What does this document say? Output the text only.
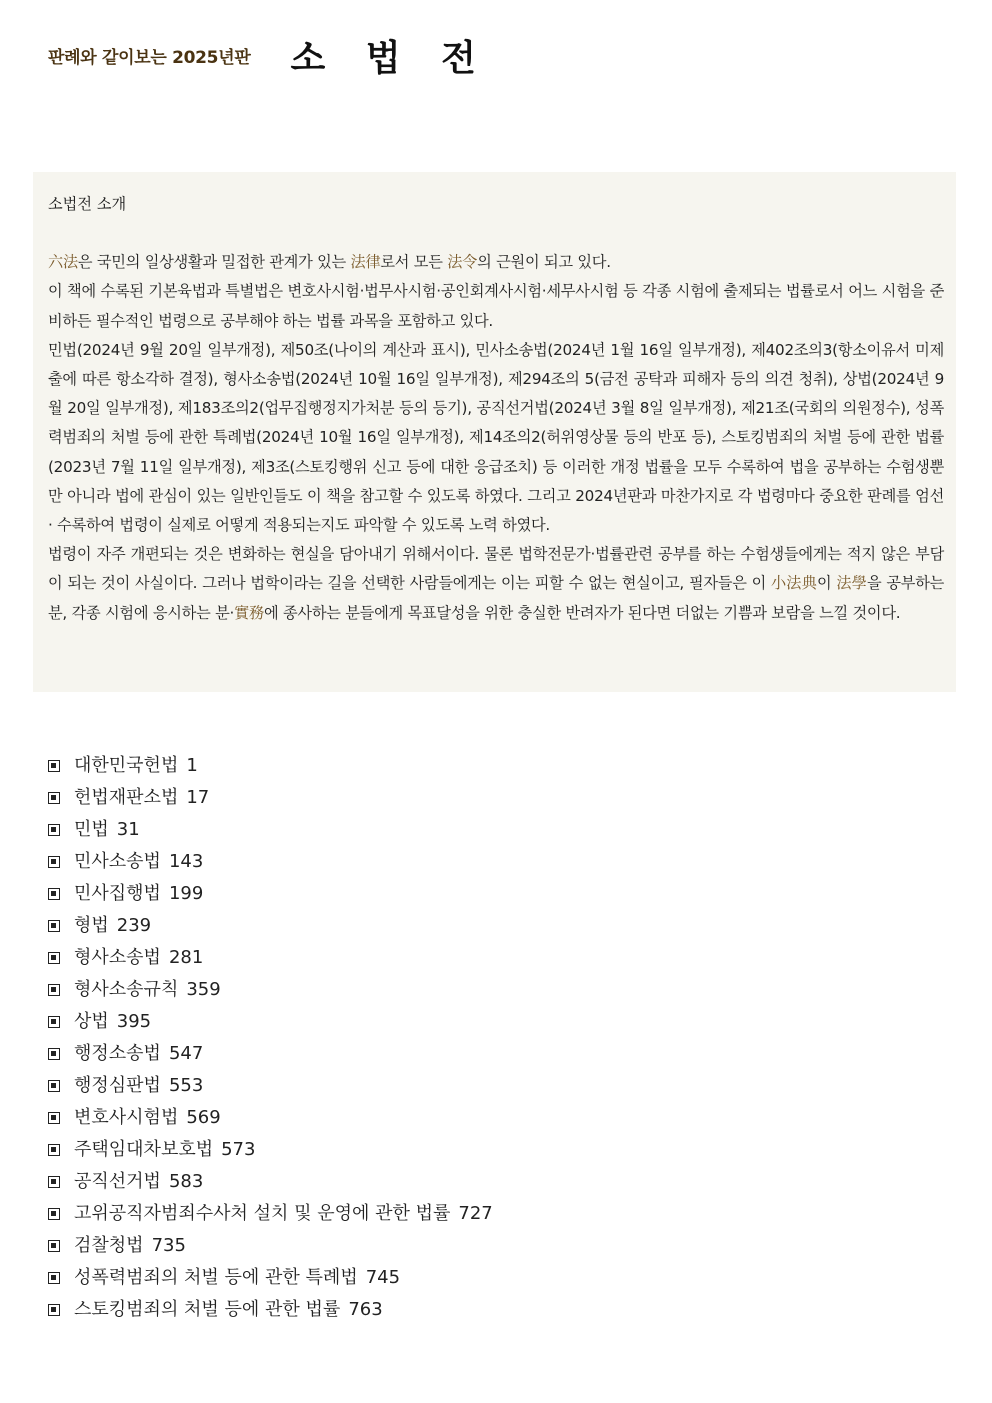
판례와 같이보는 2025년판 소 법 전

소법전 소개

六法은 국민의 일상생활과 밀접한 관계가 있는 法律로서 모든 法令의 근원이 되고 있다.

이 책에 수록된 기본육법과 특별법은 변호사시험·법무사시험·공인회계사시험·세무사시험 등 각종 시험에 출제되는 법률로서 어느 시험을 준비하든 필수적인 법령으로 공부해야 하는 법률 과목을 포함하고 있다.

민법(2024년 9월 20일 일부개정), 제50조(나이의 계산과 표시), 민사소송법(2024년 1월 16일 일부개정), 제402조의3(항소이유서 미제출에 따른 항소각하 결정), 형사소송법(2024년 10월 16일 일부개정), 제294조의 5(금전 공탁과 피해자 등의 의견 청취), 상법(2024년 9월 20일 일부개정), 제183조의2(업무집행정지가처분 등의 등기), 공직선거법(2024년 3월 8일 일부개정), 제21조(국회의 의원정수), 성폭력범죄의 처벌 등에 관한 특례법(2024년 10월 16일 일부개정), 제14조의2(허위영상물 등의 반포 등), 스토킹범죄의 처벌 등에 관한 법률(2023년 7월 11일 일부개정), 제3조(스토킹행위 신고 등에 대한 응급조치) 등 이러한 개정 법률을 모두 수록하여 법을 공부하는 수험생뿐만 아니라 법에 관심이 있는 일반인들도 이 책을 참고할 수 있도록 하였다. 그리고 2024년판과 마찬가지로 각 법령마다 중요한 판례를 엄선 · 수록하여 법령이 실제로 어떻게 적용되는지도 파악할 수 있도록 노력 하였다.

법령이 자주 개편되는 것은 변화하는 현실을 담아내기 위해서이다. 물론 법학전문가·법률관련 공부를 하는 수험생들에게는 적지 않은 부담이 되는 것이 사실이다. 그러나 법학이라는 길을 선택한 사람들에게는 이는 피할 수 없는 현실이고, 필자들은 이 小法典이 法學을 공부하는 분, 각종 시험에 응시하는 분·實務에 종사하는 분들에게 목표달성을 위한 충실한 반려자가 된다면 더없는 기쁨과 보람을 느낄 것이다.

대한민국헌법 1
헌법재판소법 17
민법 31
민사소송법 143
민사집행법 199
형법 239
형사소송법 281
형사소송규칙 359
상법 395
행정소송법 547
행정심판법 553
변호사시험법 569
주택임대차보호법 573
공직선거법 583
고위공직자범죄수사처 설치 및 운영에 관한 법률 727
검찰청법 735
성폭력범죄의 처벌 등에 관한 특례법 745
스토킹범죄의 처벌 등에 관한 법률 763
